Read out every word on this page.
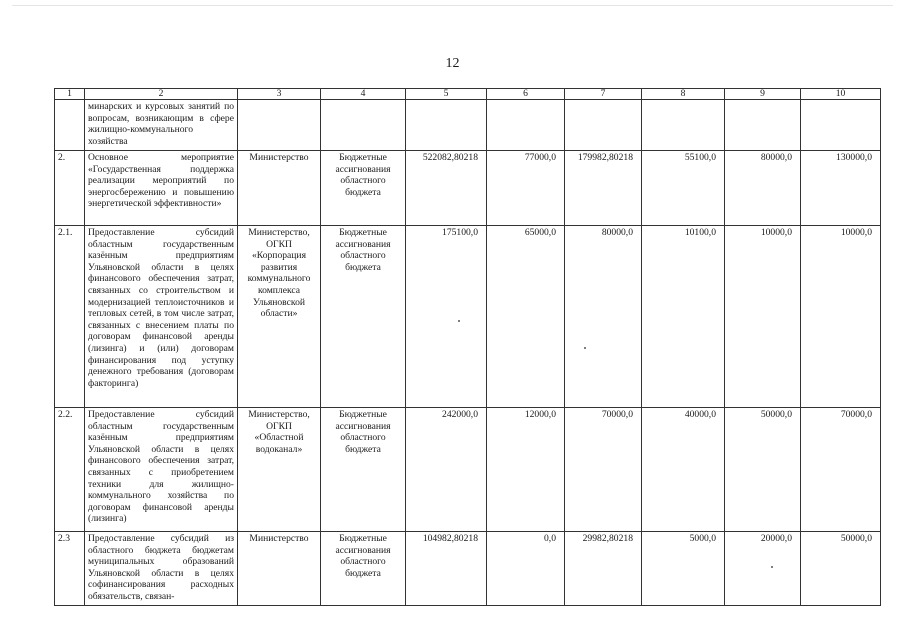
12
1	2	3	4	5	6	7	8	9	10
	минарских и курсовых занятий по вопросам, возникающим в сфере жилищно-коммунального хозяйства								
2.	Основное мероприятие «Государственная поддержка реализации мероприятий по энергосбережению и повышению энергетической эффективности»	Министерство	Бюджетные ассигнования областного бюджета	522082,80218	77000,0	179982,80218	55100,0	80000,0	130000,0
2.1.	Предоставление субсидий областным государственным казённым предприятиям Ульяновской области в целях финансового обеспечения затрат, связанных со строительством и модернизацией теплоисточников и тепловых сетей, в том числе затрат, связанных с внесением платы по договорам финансовой аренды (лизинга) и (или) договорам финансирования под уступку денежного требования (договорам факторинга)	Министерство, ОГКП «Корпорация развития коммунального комплекса Ульяновской области»	Бюджетные ассигнования областного бюджета	175100,0	65000,0	80000,0	10100,0	10000,0	10000,0
2.2.	Предоставление субсидий областным государственным казённым предприятиям Ульяновской области в целях финансового обеспечения затрат, связанных с приобретением техники для жилищно-коммунального хозяйства по договорам финансовой аренды (лизинга)	Министерство, ОГКП «Областной водоканал»	Бюджетные ассигнования областного бюджета	242000,0	12000,0	70000,0	40000,0	50000,0	70000,0
2.3	Предоставление субсидий из областного бюджета бюджетам муниципальных образований Ульяновской области в целях софинансирования расходных обязательств, связан-	Министерство	Бюджетные ассигнования областного бюджета	104982,80218	0,0	29982,80218	5000,0	20000,0	50000,0
